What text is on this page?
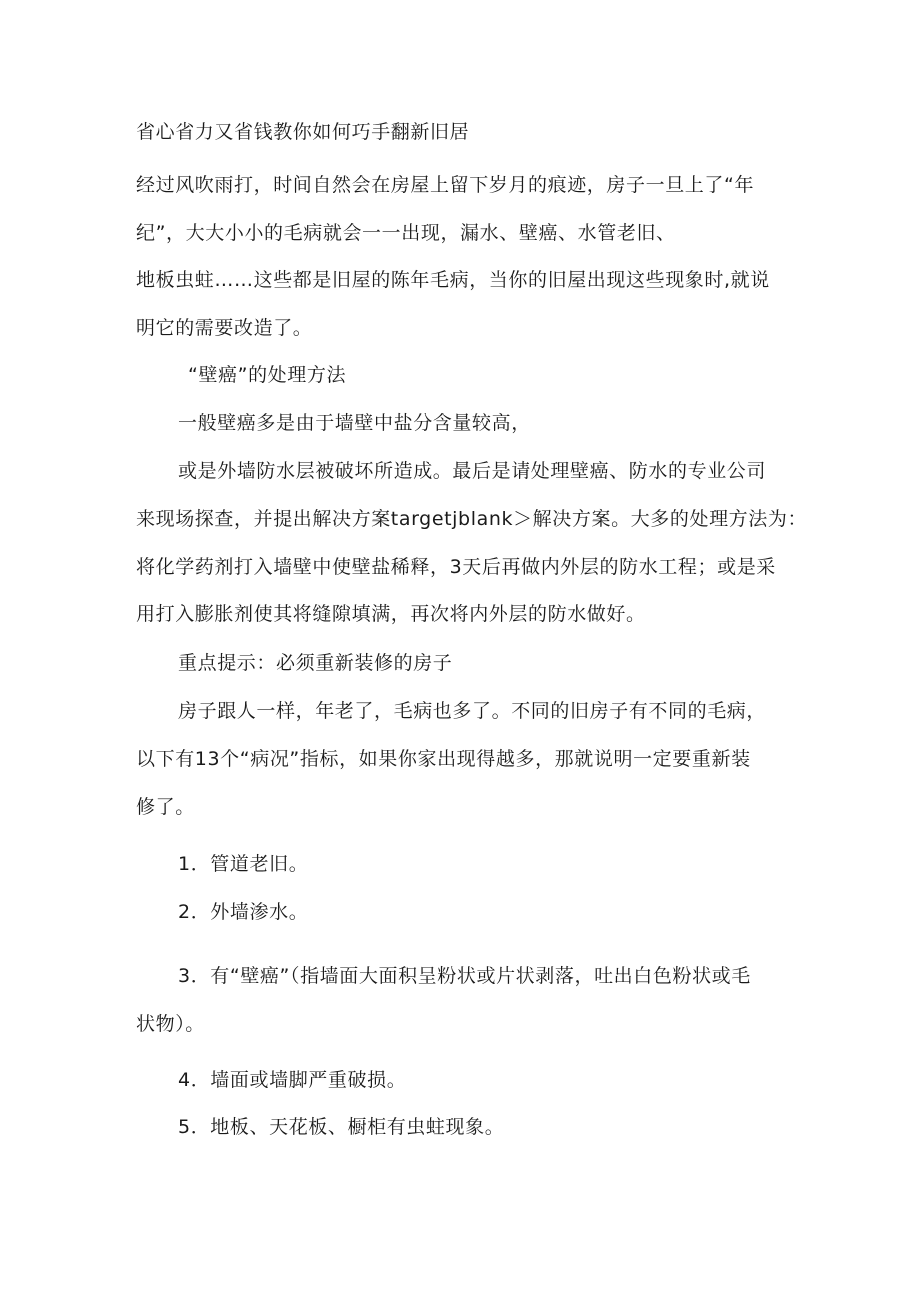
省心省力又省钱教你如何巧手翻新旧居
经过风吹雨打，时间自然会在房屋上留下岁月的痕迹，房子一旦上了“年
纪”，大大小小的毛病就会一一出现，漏水、壁癌、水管老旧、
地板虫蛀……这些都是旧屋的陈年毛病，当你的旧屋出现这些现象时,就说
明它的需要改造了。
“壁癌”的处理方法
一般壁癌多是由于墙壁中盐分含量较高，
或是外墙防水层被破坏所造成。最后是请处理壁癌、防水的专业公司
来现场探查，并提出解决方案targetjblank＞解决方案。大多的处理方法为：
将化学药剂打入墙壁中使壁盐稀释，3天后再做内外层的防水工程；或是采
用打入膨胀剂使其将缝隙填满，再次将内外层的防水做好。
重点提示：必须重新装修的房子
房子跟人一样，年老了，毛病也多了。不同的旧房子有不同的毛病，
以下有13个“病况”指标，如果你家出现得越多，那就说明一定要重新装
修了。
1．管道老旧。
2．外墙渗水。
3．有“壁癌”（指墙面大面积呈粉状或片状剥落，吐出白色粉状或毛
状物）。
4．墙面或墙脚严重破损。
5．地板、天花板、橱柜有虫蛀现象。
